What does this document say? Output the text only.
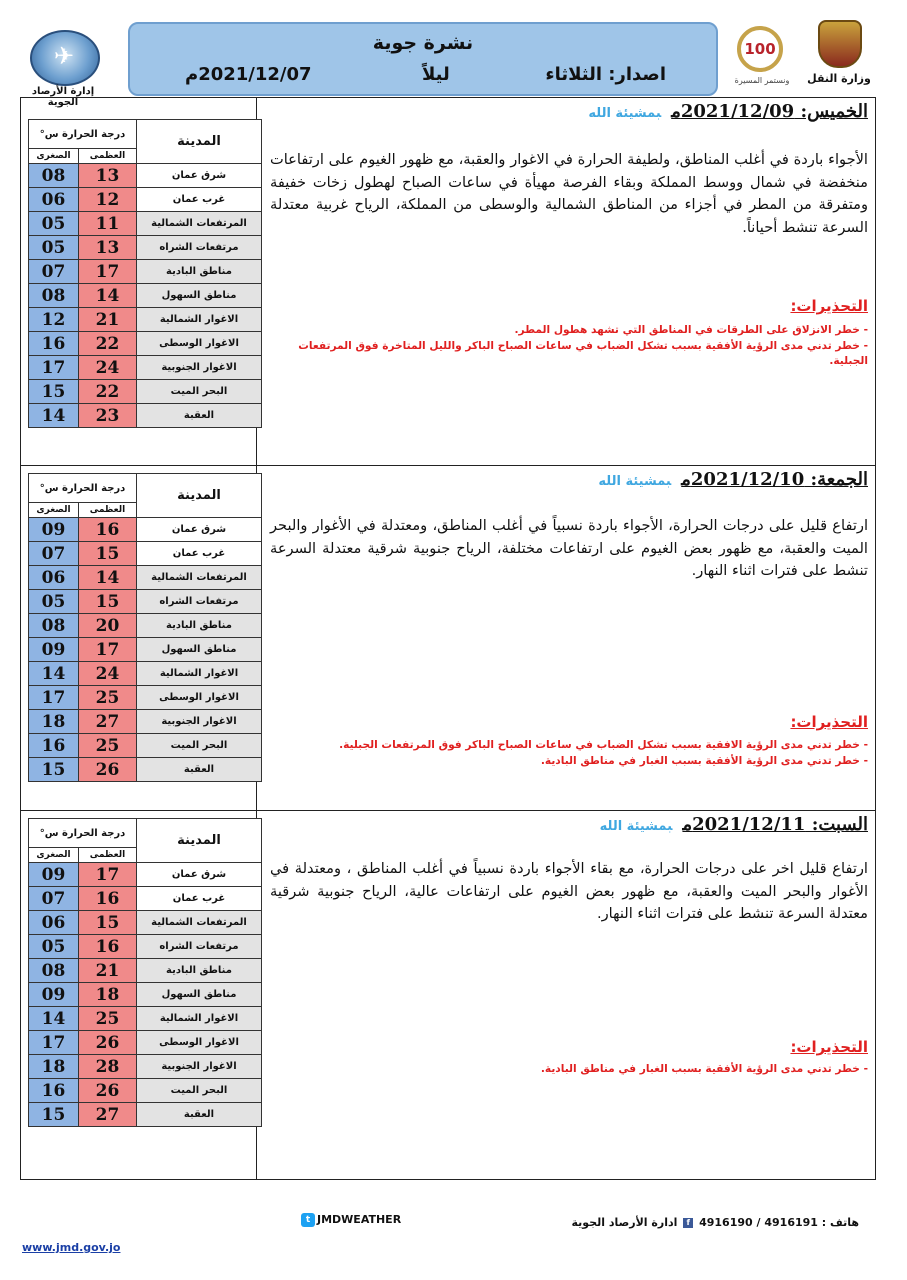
✈
إدارة الأرصاد الجوية
نشرة جوية
اصدار: الثلاثاء
ليلاً
2021/12/07م
100
ونستمر المسيرة	وزارة النقل
درجة الحرارة س°		المدينة
الصغرى	العظمى	
08	13	شرق عمان
06	12	غرب عمان
05	11	المرتفعات الشمالية
05	13	مرتفعات الشراه
07	17	مناطق البادية
08	14	مناطق السهول
12	21	الاغوار الشمالية
16	22	الاغوار الوسطى
17	24	الاغوار الجنوبية
15	22	البحر الميت
14	23	العقبة
الخميس: 2021/12/09مبمشيئة الله
الأجواء باردة في أغلب المناطق، ولطيفة الحرارة في الاغوار والعقبة، مع ظهور الغيوم على ارتفاعات منخفضة في شمال ووسط المملكة وبقاء الفرصة مهيأة في ساعات الصباح لهطول زخات خفيفة ومتفرقة من المطر في أجزاء من المناطق الشمالية والوسطى من المملكة، الرياح غربية معتدلة السرعة تنشط أحياناً.
التحذيرات:
- خطر الانزلاق على الطرقات في المناطق التي تشهد هطول المطر.
- خطر تدني مدى الرؤية الأفقية بسبب تشكل الضباب في ساعات الصباح الباكر والليل المتاخرة فوق المرتفعات الجبلية.
درجة الحرارة س°		المدينة
الصغرى	العظمى	
09	16	شرق عمان
07	15	غرب عمان
06	14	المرتفعات الشمالية
05	15	مرتفعات الشراه
08	20	مناطق البادية
09	17	مناطق السهول
14	24	الاغوار الشمالية
17	25	الاغوار الوسطى
18	27	الاغوار الجنوبية
16	25	البحر الميت
15	26	العقبة
الجمعة: 2021/12/10مبمشيئة الله
ارتفاع قليل على درجات الحرارة، الأجواء باردة نسبياً في أغلب المناطق، ومعتدلة في الأغوار والبحر الميت والعقبة، مع ظهور بعض الغيوم على ارتفاعات مختلفة، الرياح جنوبية شرقية معتدلة السرعة تنشط على فترات اثناء النهار.
التحذيرات:
- خطر تدني مدى الرؤية الافقية بسبب تشكل الضباب في ساعات الصباح الباكر فوق المرتفعات الجبلية.
- خطر تدني مدى الرؤية الأفقية بسبب الغبار في مناطق البادية.
درجة الحرارة س°		المدينة
الصغرى	العظمى	
09	17	شرق عمان
07	16	غرب عمان
06	15	المرتفعات الشمالية
05	16	مرتفعات الشراه
08	21	مناطق البادية
09	18	مناطق السهول
14	25	الاغوار الشمالية
17	26	الاغوار الوسطى
18	28	الاغوار الجنوبية
16	26	البحر الميت
15	27	العقبة
السبت: 2021/12/11مبمشيئة الله
ارتفاع قليل اخر على درجات الحرارة، مع بقاء الأجواء باردة نسبياً في أغلب المناطق ، ومعتدلة في الأغوار والبحر الميت والعقبة، مع ظهور بعض الغيوم على ارتفاعات عالية، الرياح جنوبية شرقية معتدلة السرعة تنشط على فترات اثناء النهار.
التحذيرات:
- خطر تدني مدى الرؤية الأفقية بسبب الغبار في مناطق البادية.
هاتف : 4916191 / 4916190 f ادارة الأرصاد الجوية
t JMDWEATHER
www.jmd.gov.jo
